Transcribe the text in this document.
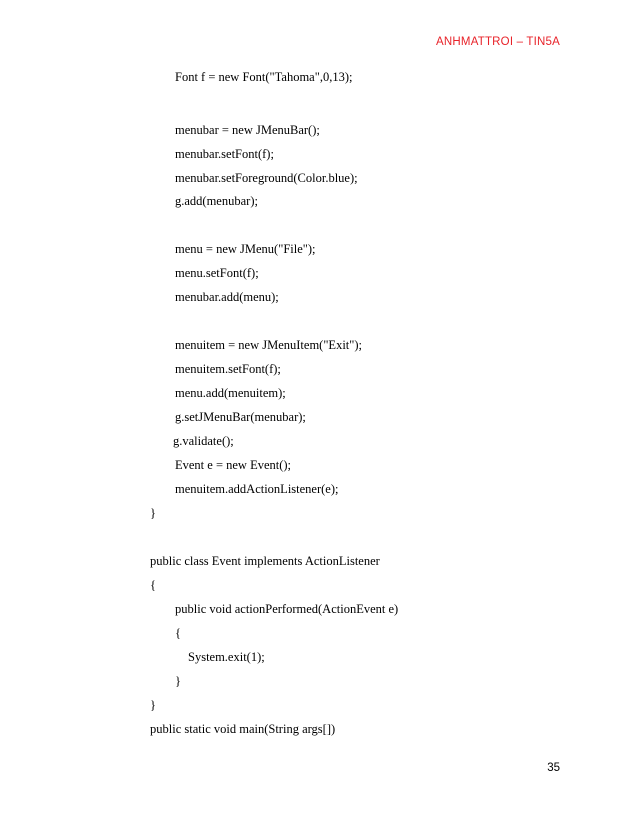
ANHMATTROI – TIN5A
Font f = new Font("Tahoma",0,13);
menubar = new JMenuBar();
menubar.setFont(f);
menubar.setForeground(Color.blue);
g.add(menubar);
menu = new JMenu("File");
menu.setFont(f);
menubar.add(menu);
menuitem = new JMenuItem("Exit");
menuitem.setFont(f);
menu.add(menuitem);
g.setJMenuBar(menubar);
g.validate();
Event e = new Event();
menuitem.addActionListener(e);
}
public class Event implements ActionListener
{
public void actionPerformed(ActionEvent e)
{
System.exit(1);
}
}
public static void main(String args[])
35
